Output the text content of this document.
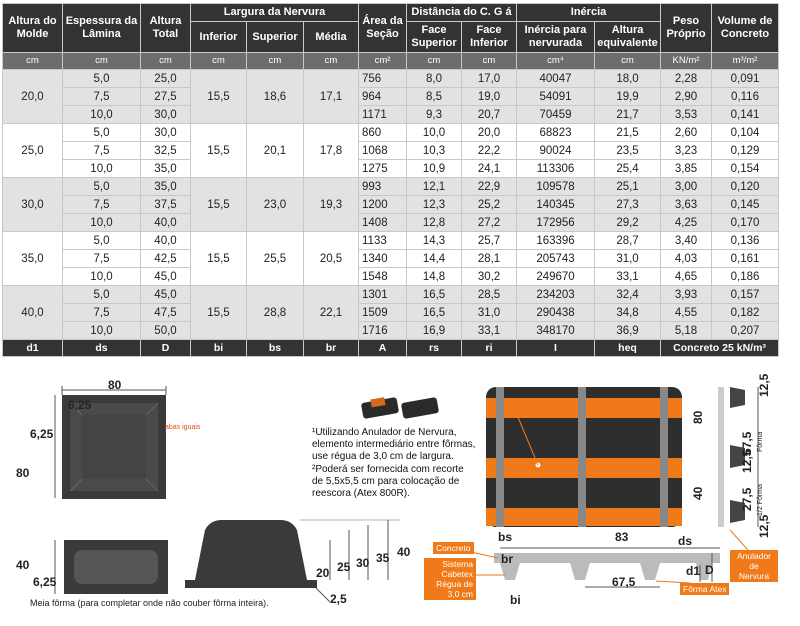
Altura do Molde	Espessura da Lâmina	Altura Total	Largura da Nervura			Área da Seção	Distância do C. G á		Inércia		Peso Próprio	Volume de Concreto
			Inferior	Superior	Média		Face Superior	Face Inferior	Inércia para nervurada	Altura equivalente		
cm	cm	cm	cm	cm	cm	cm²	cm	cm	cm⁴	cm	KN/m²	m³/m²
20,0	5,0	25,0	15,5	18,6	17,1	756	8,0	17,0	40047	18,0	2,28	0,091
	7,5	27,5				964	8,5	19,0	54091	19,9	2,90	0,116
	10,0	30,0				1171	9,3	20,7	70459	21,7	3,53	0,141
25,0	5,0	30,0	15,5	20,1	17,8	860	10,0	20,0	68823	21,5	2,60	0,104
	7,5	32,5				1068	10,3	22,2	90024	23,5	3,23	0,129
	10,0	35,0				1275	10,9	24,1	113306	25,4	3,85	0,154
30,0	5,0	35,0	15,5	23,0	19,3	993	12,1	22,9	109578	25,1	3,00	0,120
	7,5	37,5				1200	12,3	25,2	140345	27,3	3,63	0,145
	10,0	40,0				1408	12,8	27,2	172956	29,2	4,25	0,170
35,0	5,0	40,0	15,5	25,5	20,5	1133	14,3	25,7	163396	28,7	3,40	0,136
	7,5	42,5				1340	14,4	28,1	205743	31,0	4,03	0,161
	10,0	45,0				1548	14,8	30,2	249670	33,1	4,65	0,186
40,0	5,0	45,0	15,5	28,8	22,1	1301	16,5	28,5	234203	32,4	3,93	0,157
	7,5	47,5				1509	16,5	31,0	290438	34,8	4,55	0,182
	10,0	50,0				1716	16,9	33,1	348170	36,9	5,18	0,207
d1	ds	D	bi	bs	br	A	rs	ri	I	heq	Concreto 25 kN/m³	
80
6,25
6,25	abas iguais
80
40
6,25
Meia fôrma (para completar onde não couber fôrma inteira).
20 25 30 35 40
2,5
¹Utilizando Anulador de Nervura, elemento intermediário entre fôrmas, use régua de 3,0 cm de largura.
²Poderá ser fornecida com recorte de 5,5x5,5 cm para colocação de reescora (Atex 800R).
80
67,5 Fôrma
12,5
12,5
40	27,5 1/2 Fôrma
12,5
bs	83	ds
br
67,5
d1 D
bi
Concreto
Sistema Cabetex Régua de 3,0 cm	Fôrma Atex
Anulador de Nervura
